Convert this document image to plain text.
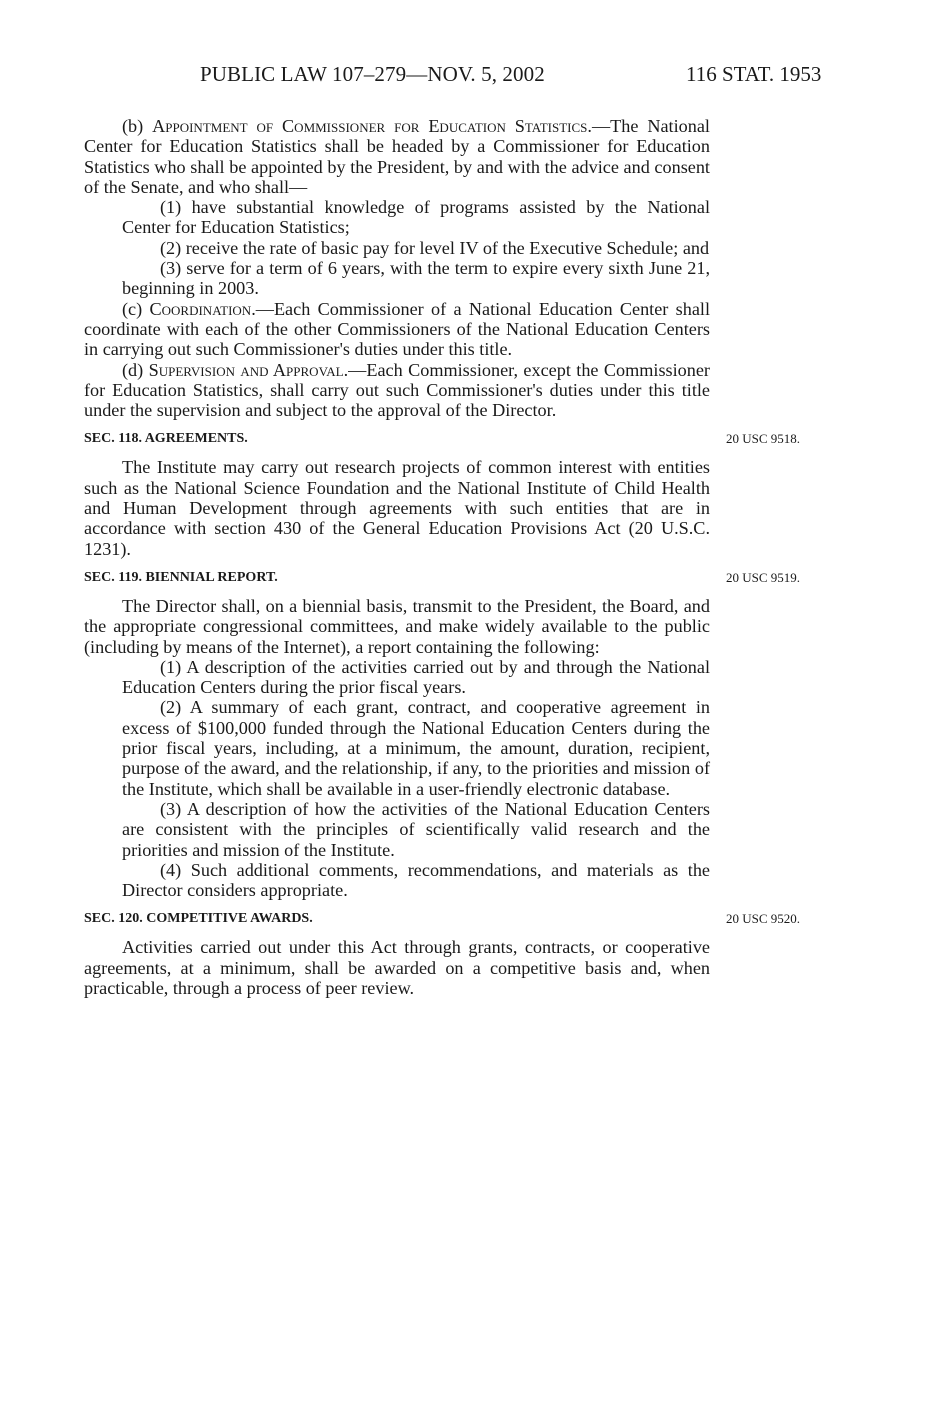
PUBLIC LAW 107–279—NOV. 5, 2002	116 STAT. 1953

(b) Appointment of Commissioner for Education Statistics.—The National Center for Education Statistics shall be headed by a Commissioner for Education Statistics who shall be appointed by the President, by and with the advice and consent of the Senate, and who shall—

(1) have substantial knowledge of programs assisted by the National Center for Education Statistics;

(2) receive the rate of basic pay for level IV of the Executive Schedule; and

(3) serve for a term of 6 years, with the term to expire every sixth June 21, beginning in 2003.

(c) Coordination.—Each Commissioner of a National Education Center shall coordinate with each of the other Commissioners of the National Education Centers in carrying out such Commissioner's duties under this title.

(d) Supervision and Approval.—Each Commissioner, except the Commissioner for Education Statistics, shall carry out such Commissioner's duties under this title under the supervision and subject to the approval of the Director.

SEC. 118. AGREEMENTS.	20 USC 9518.

The Institute may carry out research projects of common interest with entities such as the National Science Foundation and the National Institute of Child Health and Human Development through agreements with such entities that are in accordance with section 430 of the General Education Provisions Act (20 U.S.C. 1231).

SEC. 119. BIENNIAL REPORT.	20 USC 9519.

The Director shall, on a biennial basis, transmit to the President, the Board, and the appropriate congressional committees, and make widely available to the public (including by means of the Internet), a report containing the following:

(1) A description of the activities carried out by and through the National Education Centers during the prior fiscal years.

(2) A summary of each grant, contract, and cooperative agreement in excess of $100,000 funded through the National Education Centers during the prior fiscal years, including, at a minimum, the amount, duration, recipient, purpose of the award, and the relationship, if any, to the priorities and mission of the Institute, which shall be available in a user-friendly electronic database.

(3) A description of how the activities of the National Education Centers are consistent with the principles of scientifically valid research and the priorities and mission of the Institute.

(4) Such additional comments, recommendations, and materials as the Director considers appropriate.

SEC. 120. COMPETITIVE AWARDS.	20 USC 9520.

Activities carried out under this Act through grants, contracts, or cooperative agreements, at a minimum, shall be awarded on a competitive basis and, when practicable, through a process of peer review.
